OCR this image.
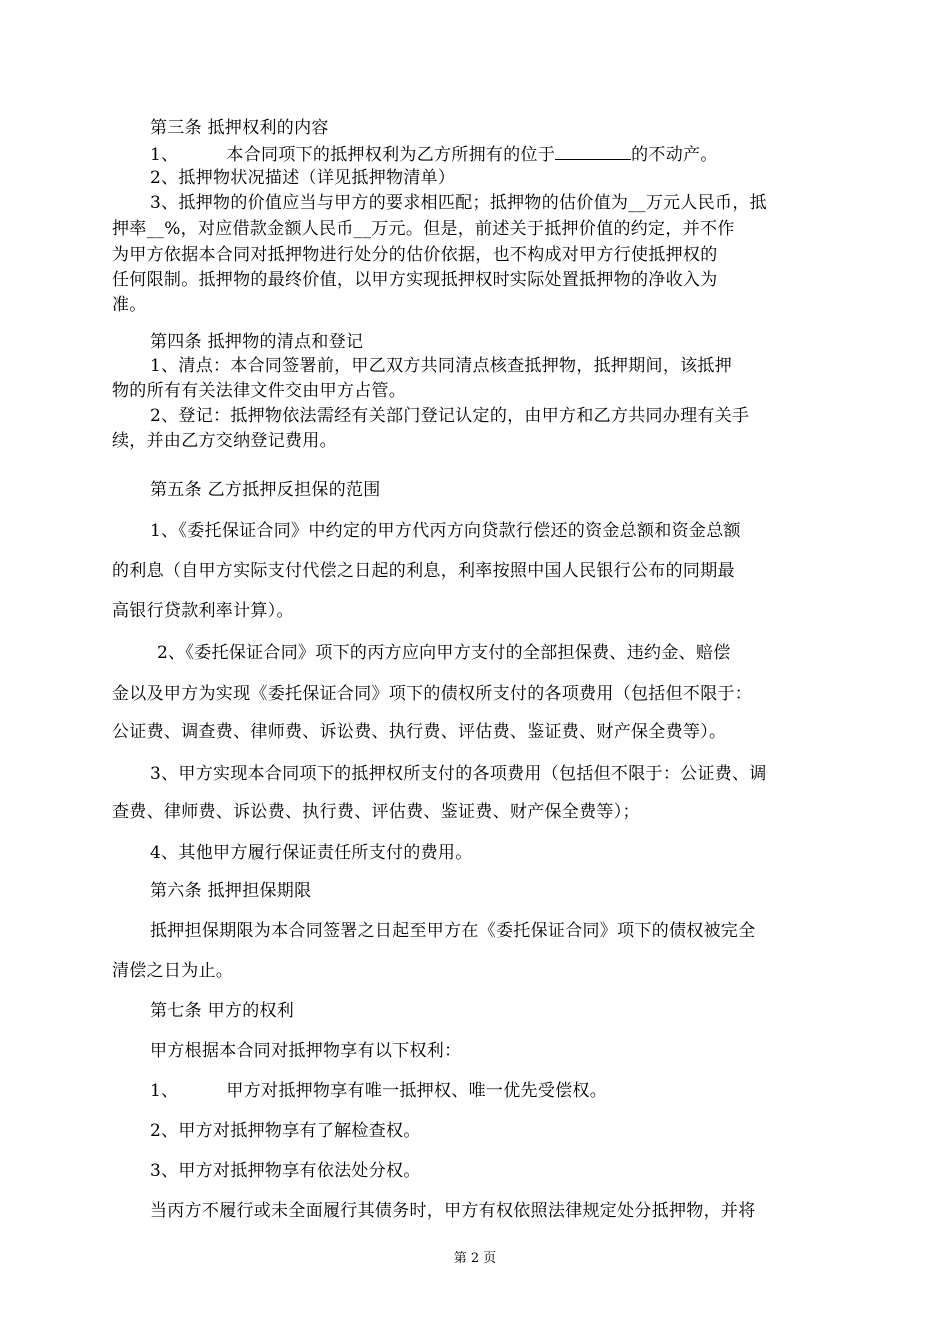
第三条 抵押权利的内容
1、	本合同项下的抵押权利为乙方所拥有的位于	的不动产。
2、抵押物状况描述（详见抵押物清单）
3、抵押物的价值应当与甲方的要求相匹配；抵押物的估价值为__万元人民币，抵
押率__%，对应借款金额人民币__万元。但是，前述关于抵押价值的约定，并不作
为甲方依据本合同对抵押物进行处分的估价依据，也不构成对甲方行使抵押权的
任何限制。抵押物的最终价值，以甲方实现抵押权时实际处置抵押物的净收入为
准。
第四条 抵押物的清点和登记
1、清点：本合同签署前，甲乙双方共同清点核查抵押物，抵押期间，该抵押
物的所有有关法律文件交由甲方占管。
2、登记：抵押物依法需经有关部门登记认定的，由甲方和乙方共同办理有关手
续，并由乙方交纳登记费用。
第五条 乙方抵押反担保的范围
1、《委托保证合同》中约定的甲方代丙方向贷款行偿还的资金总额和资金总额
的利息（自甲方实际支付代偿之日起的利息，利率按照中国人民银行公布的同期最
高银行贷款利率计算）。
2、《委托保证合同》项下的丙方应向甲方支付的全部担保费、违约金、赔偿
金以及甲方为实现《委托保证合同》项下的债权所支付的各项费用（包括但不限于：
公证费、调查费、律师费、诉讼费、执行费、评估费、鉴证费、财产保全费等）。
3、甲方实现本合同项下的抵押权所支付的各项费用（包括但不限于：公证费、调
查费、律师费、诉讼费、执行费、评估费、鉴证费、财产保全费等）；
4、其他甲方履行保证责任所支付的费用。
第六条 抵押担保期限
抵押担保期限为本合同签署之日起至甲方在《委托保证合同》项下的债权被完全
清偿之日为止。
第七条 甲方的权利
甲方根据本合同对抵押物享有以下权利：
1、	甲方对抵押物享有唯一抵押权、唯一优先受偿权。
2、甲方对抵押物享有了解检查权。
3、甲方对抵押物享有依法处分权。
当丙方不履行或未全面履行其债务时，甲方有权依照法律规定处分抵押物，并将
第 2 页
